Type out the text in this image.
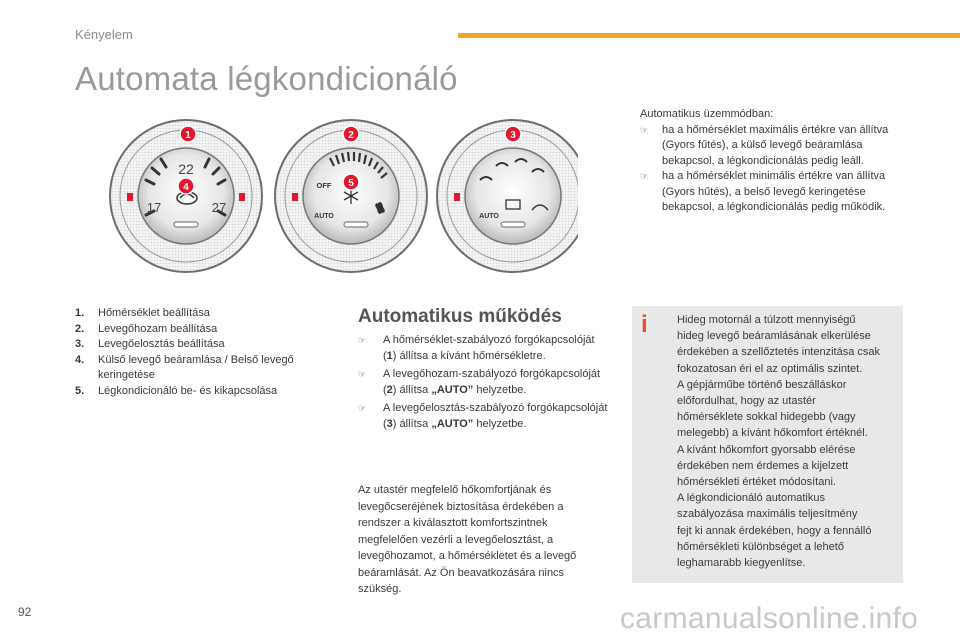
Kényelem
Automata légkondicionáló
22
17	27
1
4	OFF
AUTO
2
5
AUTO
3
Automatikus üzemmódban:
☞	ha a hőmérséklet maximális értékre van állítva (Gyors fűtés), a külső levegő beáramlása bekapcsol, a légkondicionálás pedig leáll.
☞	ha a hőmérséklet minimális értékre van állítva (Gyors hűtés), a belső levegő keringetése bekapcsol, a légkondicionálás pedig működik.
1.	Hőmérséklet beállítása
2.	Levegőhozam beállítása
3.	Levegőelosztás beállítása
4.	Külső levegő beáramlása / Belső levegő keringetése
5.	Légkondicionáló be- és kikapcsolása
Automatikus működés
☞	A hőmérséklet-szabályozó forgókapcsolóját (1) állítsa a kívánt hőmérsékletre.
☞	A levegőhozam-szabályozó forgókapcsolóját (2) állítsa „AUTO” helyzetbe.
☞	A levegőelosztás-szabályozó forgókapcsolóját (3) állítsa „AUTO” helyzetbe.
Az utastér megfelelő hőkomfortjának és levegőcseréjének biztosítása érdekében a rendszer a kiválasztott komfortszintnek megfelelően vezérli a levegőelosztást, a levegőhozamot, a hőmérsékletet és a levegő beáramlását. Az Ön beavatkozására nincs szükség.
i	Hideg motornál a túlzott mennyiségű
hideg levegő beáramlásának elkerülése
érdekében a szellőztetés intenzitása csak
fokozatosan éri el az optimális szintet.
A gépjárműbe történő beszálláskor
előfordulhat, hogy az utastér
hőmérséklete sokkal hidegebb (vagy
melegebb) a kívánt hőkomfort értéknél.
A kívánt hőkomfort gyorsabb elérése
érdekében nem érdemes a kijelzett
hőmérsékleti értéket módosítani.
A légkondicionáló automatikus
szabályozása maximális teljesítmény
fejt ki annak érdekében, hogy a fennálló
hőmérsékleti különbséget a lehető
leghamarabb kiegyenlítse.
92	carmanualsonline.info
